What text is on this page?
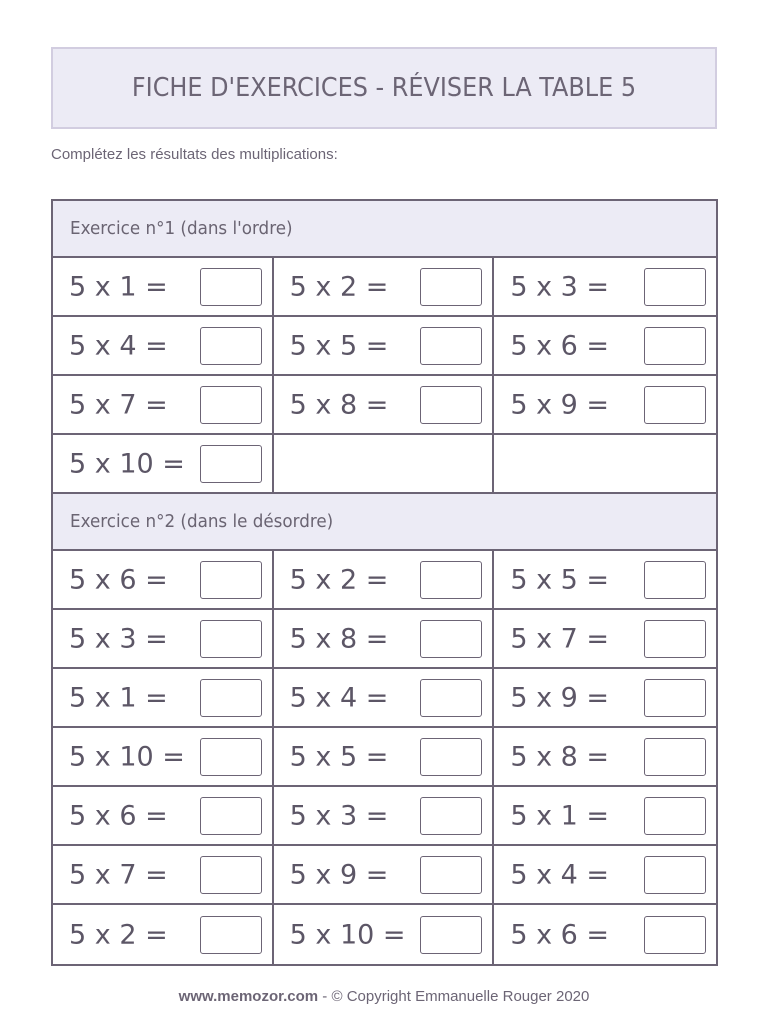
FICHE D'EXERCICES - RÉVISER LA TABLE 5
Complétez les résultats des multiplications:
Exercice n°1 (dans l'ordre)
5 x 1 =	5 x 2 =	5 x 3 =
5 x 4 =	5 x 5 =	5 x 6 =
5 x 7 =	5 x 8 =	5 x 9 =
5 x 10 =
Exercice n°2 (dans le désordre)
5 x 6 =	5 x 2 =	5 x 5 =
5 x 3 =	5 x 8 =	5 x 7 =
5 x 1 =	5 x 4 =	5 x 9 =
5 x 10 =	5 x 5 =	5 x 8 =
5 x 6 =	5 x 3 =	5 x 1 =
5 x 7 =	5 x 9 =	5 x 4 =
5 x 2 =	5 x 10 =	5 x 6 =
www.memozor.com - © Copyright Emmanuelle Rouger 2020
